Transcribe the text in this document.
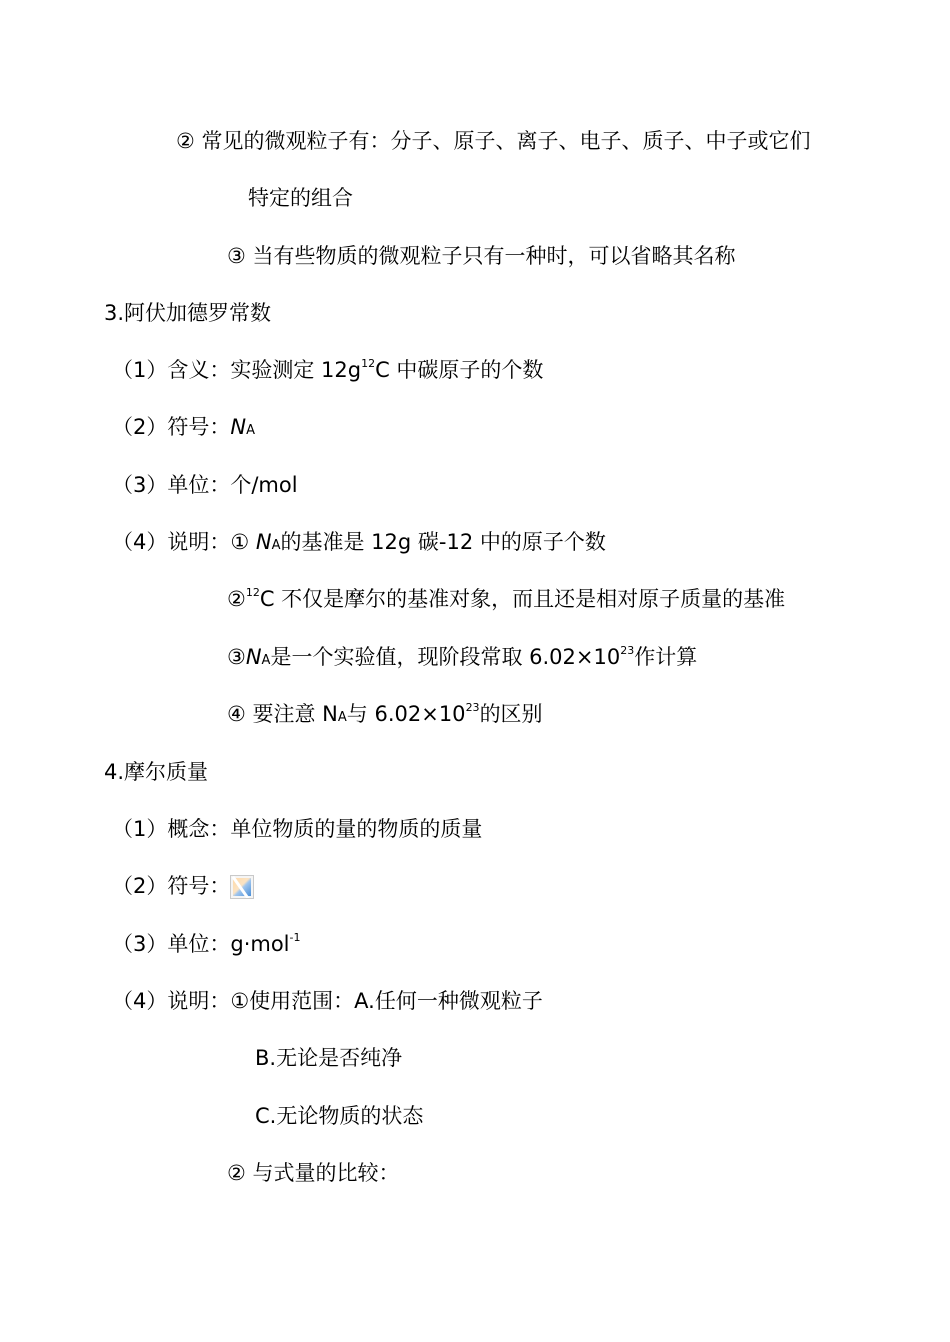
② 常见的微观粒子有：分子、原子、离子、电子、质子、中子或它们
特定的组合
③ 当有些物质的微观粒子只有一种时，可以省略其名称
3.阿伏加德罗常数
（1）含义：实验测定 $12g^{12}C$ 中碳原子的个数
（2）符号：NA
（3）单位：个/mol
（4）说明：① NA的基准是 12g 碳-12 中的原子个数
②$^{12}$C 不仅是摩尔的基准对象，而且还是相对原子质量的基准
③NA是一个实验值，现阶段常取 $6.02\times 10^{23}$作计算
④ 要注意 NA与 $6.02\times 10^{23}$的区别
4.摩尔质量
（1）概念：单位物质的量的物质的质量
（2）符号：
（3）单位：g·mol$^{-1}$
（4）说明：①使用范围：A.任何一种微观粒子
B.无论是否纯净
C.无论物质的状态
② 与式量的比较：
